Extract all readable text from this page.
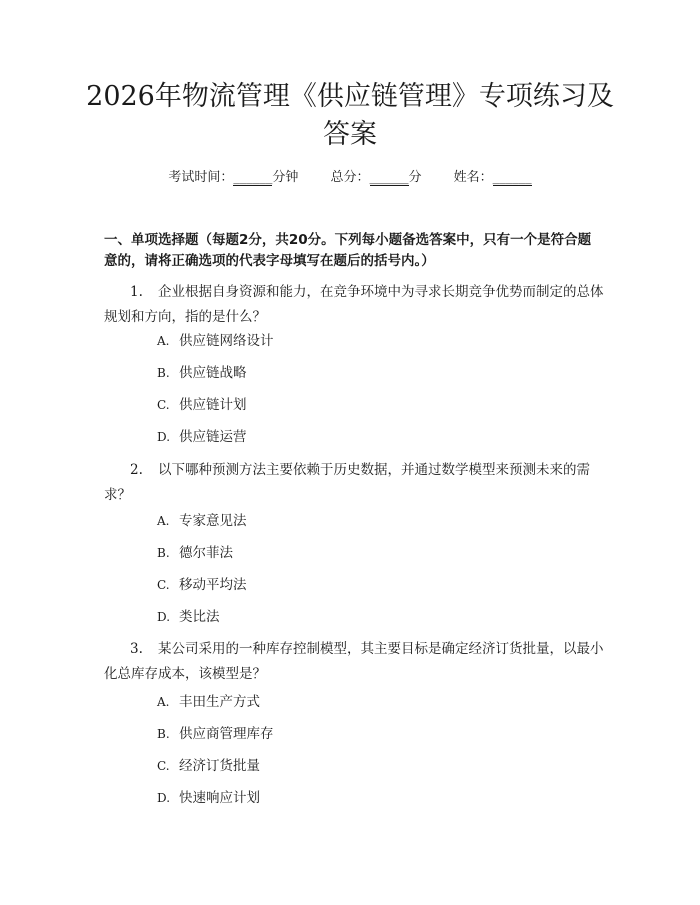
2026年物流管理《供应链管理》专项练习及
答案
考试时间：______分钟 总分：______分 姓名：______
一、单项选择题（每题2分，共20分。下列每小题备选答案中，只有一个是符合题意的，请将正确选项的代表字母填写在题后的括号内。）
1. 企业根据自身资源和能力，在竞争环境中为寻求长期竞争优势而制定的总体规划和方向，指的是什么？
A. 供应链网络设计
B. 供应链战略
C. 供应链计划
D. 供应链运营
2. 以下哪种预测方法主要依赖于历史数据，并通过数学模型来预测未来的需求？
A. 专家意见法
B. 德尔菲法
C. 移动平均法
D. 类比法
3. 某公司采用的一种库存控制模型，其主要目标是确定经济订货批量，以最小化总库存成本，该模型是？
A. 丰田生产方式
B. 供应商管理库存
C. 经济订货批量
D. 快速响应计划
